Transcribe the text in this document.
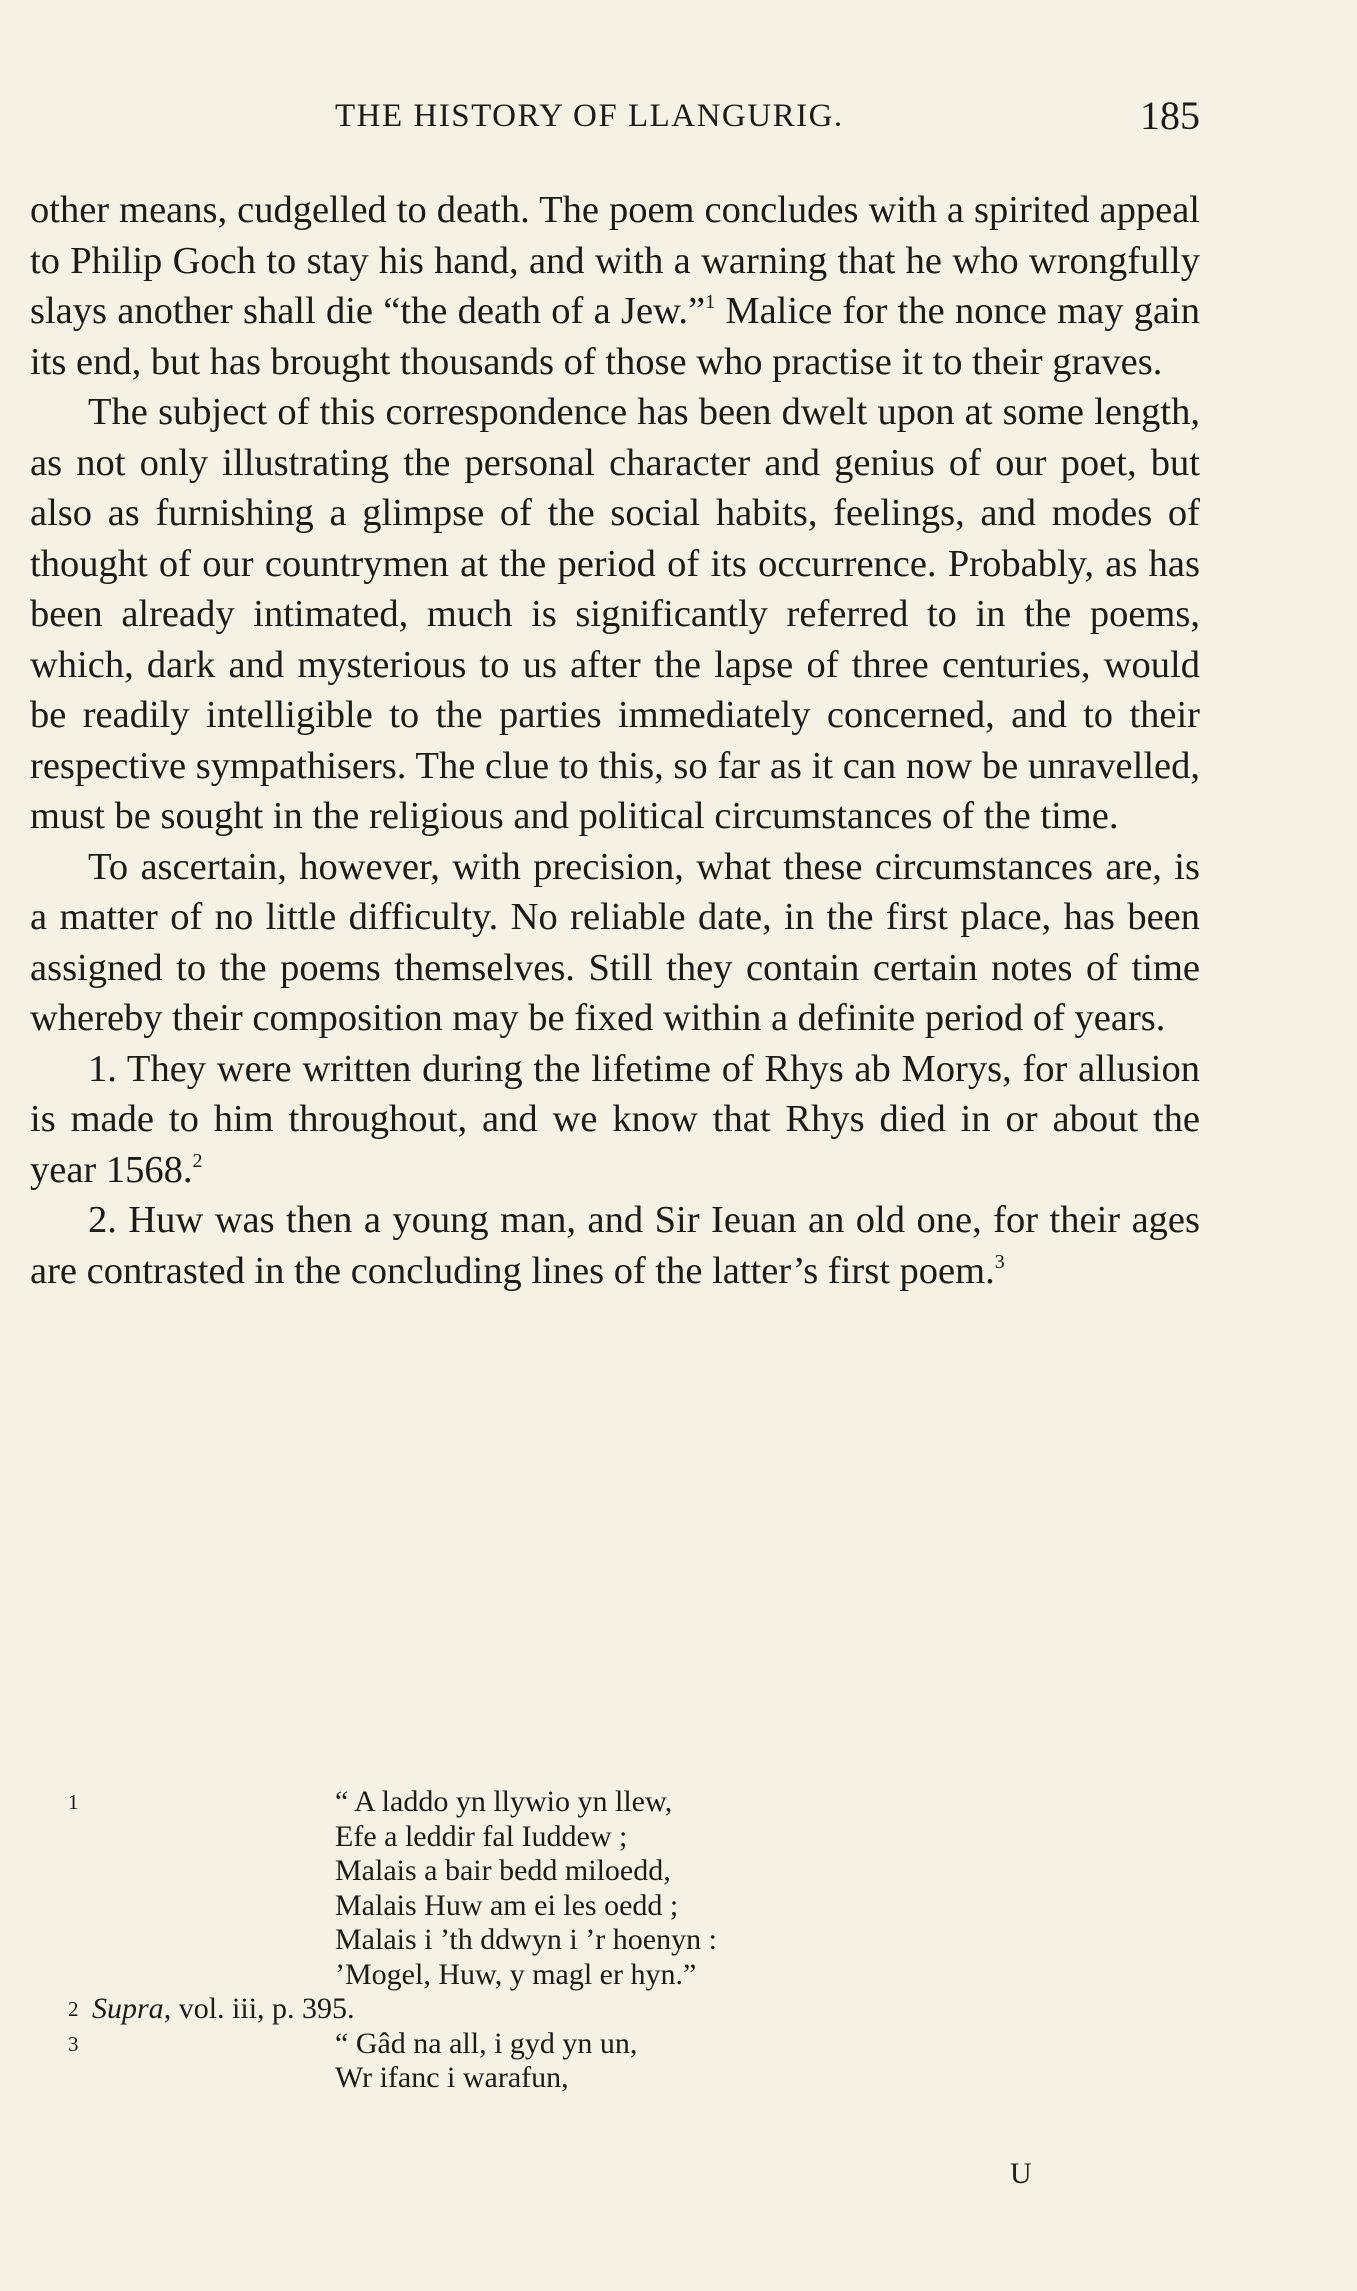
THE HISTORY OF LLANGURIG.	185

other means, cudgelled to death. The poem concludes with a spirited appeal to Philip Goch to stay his hand, and with a warning that he who wrongfully slays another shall die “the death of a Jew.”$^1$ Malice for the nonce may gain its end, but has brought thousands of those who practise it to their graves.

The subject of this correspondence has been dwelt upon at some length, as not only illustrating the personal character and genius of our poet, but also as furnishing a glimpse of the social habits, feelings, and modes of thought of our countrymen at the period of its occurrence. Probably, as has been already intimated, much is significantly referred to in the poems, which, dark and mysterious to us after the lapse of three centuries, would be readily intelligible to the parties immediately concerned, and to their respective sympathisers. The clue to this, so far as it can now be unravelled, must be sought in the religious and political circumstances of the time.

To ascertain, however, with precision, what these circumstances are, is a matter of no little difficulty. No reliable date, in the first place, has been assigned to the poems themselves. Still they contain certain notes of time whereby their composition may be fixed within a definite period of years.

1. They were written during the lifetime of Rhys ab Morys, for allusion is made to him throughout, and we know that Rhys died in or about the year 1568.$^2$

2. Huw was then a young man, and Sir Ieuan an old one, for their ages are contrasted in the concluding lines of the latter’s first poem.$^3$

1	“ A laddo yn llywio yn llew,
Efe a leddir fal Iuddew ;
Malais a bair bedd miloedd,
Malais Huw am ei les oedd ;
Malais i ’th ddwyn i ’r hoenyn :
’Mogel, Huw, y magl er hyn.”
2 Supra, vol. iii, p. 395.
3	“ Gâd na all, i gyd yn un,
Wr ifanc i warafun,
U
